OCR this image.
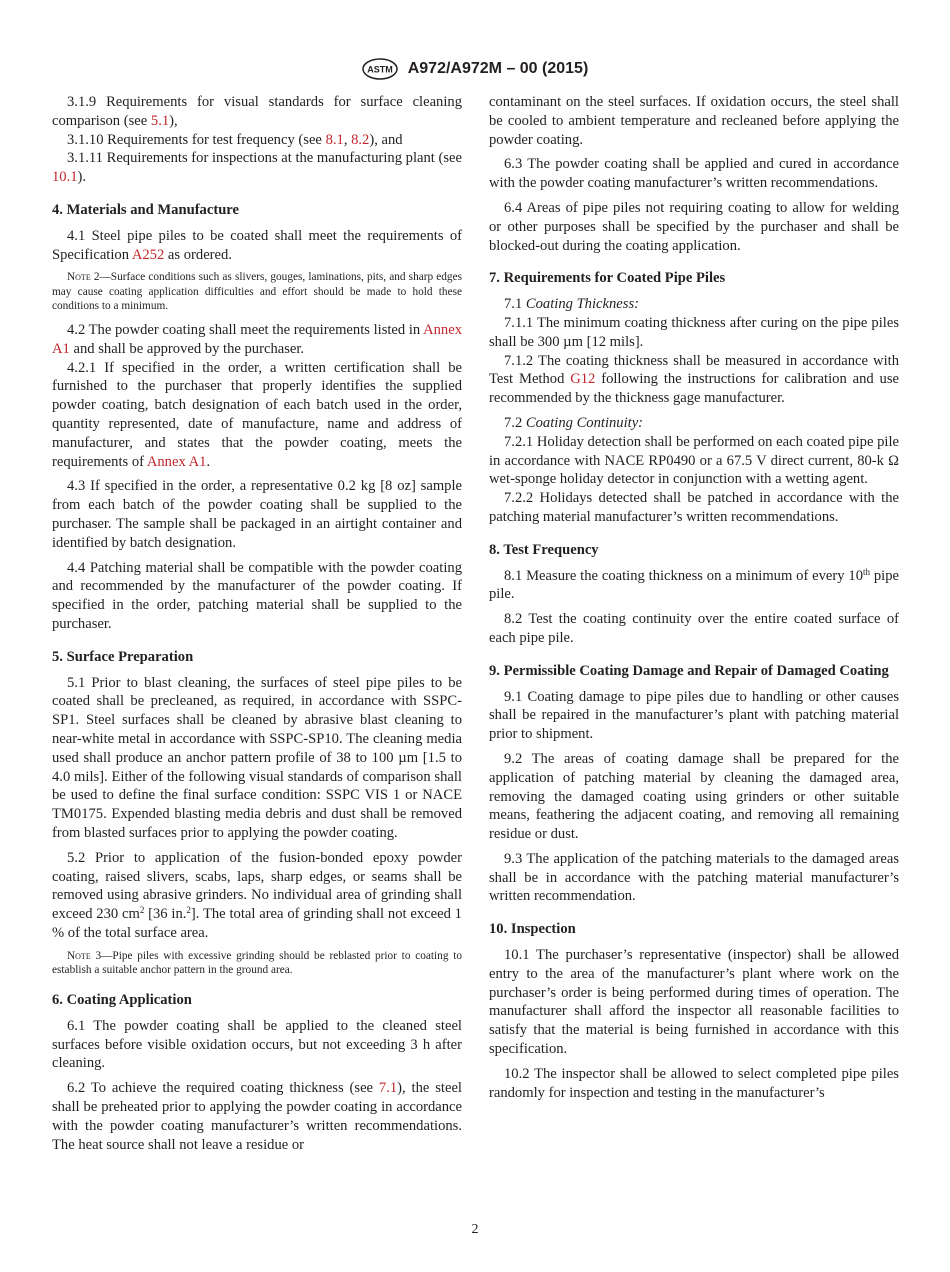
ASTM A972/A972M – 00 (2015)

3.1.9 Requirements for visual standards for surface cleaning comparison (see 5.1),

3.1.10 Requirements for test frequency (see 8.1, 8.2), and

3.1.11 Requirements for inspections at the manufacturing plant (see 10.1).

4. Materials and Manufacture

4.1 Steel pipe piles to be coated shall meet the requirements of Specification A252 as ordered.

Note 2—Surface conditions such as slivers, gouges, laminations, pits, and sharp edges may cause coating application difficulties and effort should be made to hold these conditions to a minimum.

4.2 The powder coating shall meet the requirements listed in Annex A1 and shall be approved by the purchaser.

4.2.1 If specified in the order, a written certification shall be furnished to the purchaser that properly identifies the supplied powder coating, batch designation of each batch used in the order, quantity represented, date of manufacture, name and address of manufacturer, and states that the powder coating, meets the requirements of Annex A1.

4.3 If specified in the order, a representative 0.2 kg [8 oz] sample from each batch of the powder coating shall be supplied to the purchaser. The sample shall be packaged in an airtight container and identified by batch designation.

4.4 Patching material shall be compatible with the powder coating and recommended by the manufacturer of the powder coating. If specified in the order, patching material shall be supplied to the purchaser.

5. Surface Preparation

5.1 Prior to blast cleaning, the surfaces of steel pipe piles to be coated shall be precleaned, as required, in accordance with SSPC-SP1. Steel surfaces shall be cleaned by abrasive blast cleaning to near-white metal in accordance with SSPC-SP10. The cleaning media used shall produce an anchor pattern profile of 38 to 100 µm [1.5 to 4.0 mils]. Either of the following visual standards of comparison shall be used to define the final surface condition: SSPC VIS 1 or NACE TM0175. Expended blasting media debris and dust shall be removed from blasted surfaces prior to applying the powder coating.

5.2 Prior to application of the fusion-bonded epoxy powder coating, raised slivers, scabs, laps, sharp edges, or seams shall be removed using abrasive grinders. No individual area of grinding shall exceed 230 $cm^2$ [36 in.$^2$]. The total area of grinding shall not exceed 1 % of the total surface area.

Note 3—Pipe piles with excessive grinding should be reblasted prior to coating to establish a suitable anchor pattern in the ground area.

6. Coating Application

6.1 The powder coating shall be applied to the cleaned steel surfaces before visible oxidation occurs, but not exceeding 3 h after cleaning.

6.2 To achieve the required coating thickness (see 7.1), the steel shall be preheated prior to applying the powder coating in accordance with the powder coating manufacturer’s written recommendations. The heat source shall not leave a residue or

contaminant on the steel surfaces. If oxidation occurs, the steel shall be cooled to ambient temperature and recleaned before applying the powder coating.

6.3 The powder coating shall be applied and cured in accordance with the powder coating manufacturer’s written recommendations.

6.4 Areas of pipe piles not requiring coating to allow for welding or other purposes shall be specified by the purchaser and shall be blocked-out during the coating application.

7. Requirements for Coated Pipe Piles

7.1 Coating Thickness:

7.1.1 The minimum coating thickness after curing on the pipe piles shall be 300 µm [12 mils].

7.1.2 The coating thickness shall be measured in accordance with Test Method G12 following the instructions for calibration and use recommended by the thickness gage manufacturer.

7.2 Coating Continuity:

7.2.1 Holiday detection shall be performed on each coated pipe pile in accordance with NACE RP0490 or a 67.5 V direct current, 80-k Ω wet-sponge holiday detector in conjunction with a wetting agent.

7.2.2 Holidays detected shall be patched in accordance with the patching material manufacturer’s written recommendations.

8. Test Frequency

8.1 Measure the coating thickness on a minimum of every 10th pipe pile.

8.2 Test the coating continuity over the entire coated surface of each pipe pile.

9. Permissible Coating Damage and Repair of Damaged Coating

9.1 Coating damage to pipe piles due to handling or other causes shall be repaired in the manufacturer’s plant with patching material prior to shipment.

9.2 The areas of coating damage shall be prepared for the application of patching material by cleaning the damaged area, removing the damaged coating using grinders or other suitable means, feathering the adjacent coating, and removing all remaining residue or dust.

9.3 The application of the patching materials to the damaged areas shall be in accordance with the patching material manufacturer’s written recommendation.

10. Inspection

10.1 The purchaser’s representative (inspector) shall be allowed entry to the area of the manufacturer’s plant where work on the purchaser’s order is being performed during times of operation. The manufacturer shall afford the inspector all reasonable facilities to satisfy that the material is being furnished in accordance with this specification.

10.2 The inspector shall be allowed to select completed pipe piles randomly for inspection and testing in the manufacturer’s

2
